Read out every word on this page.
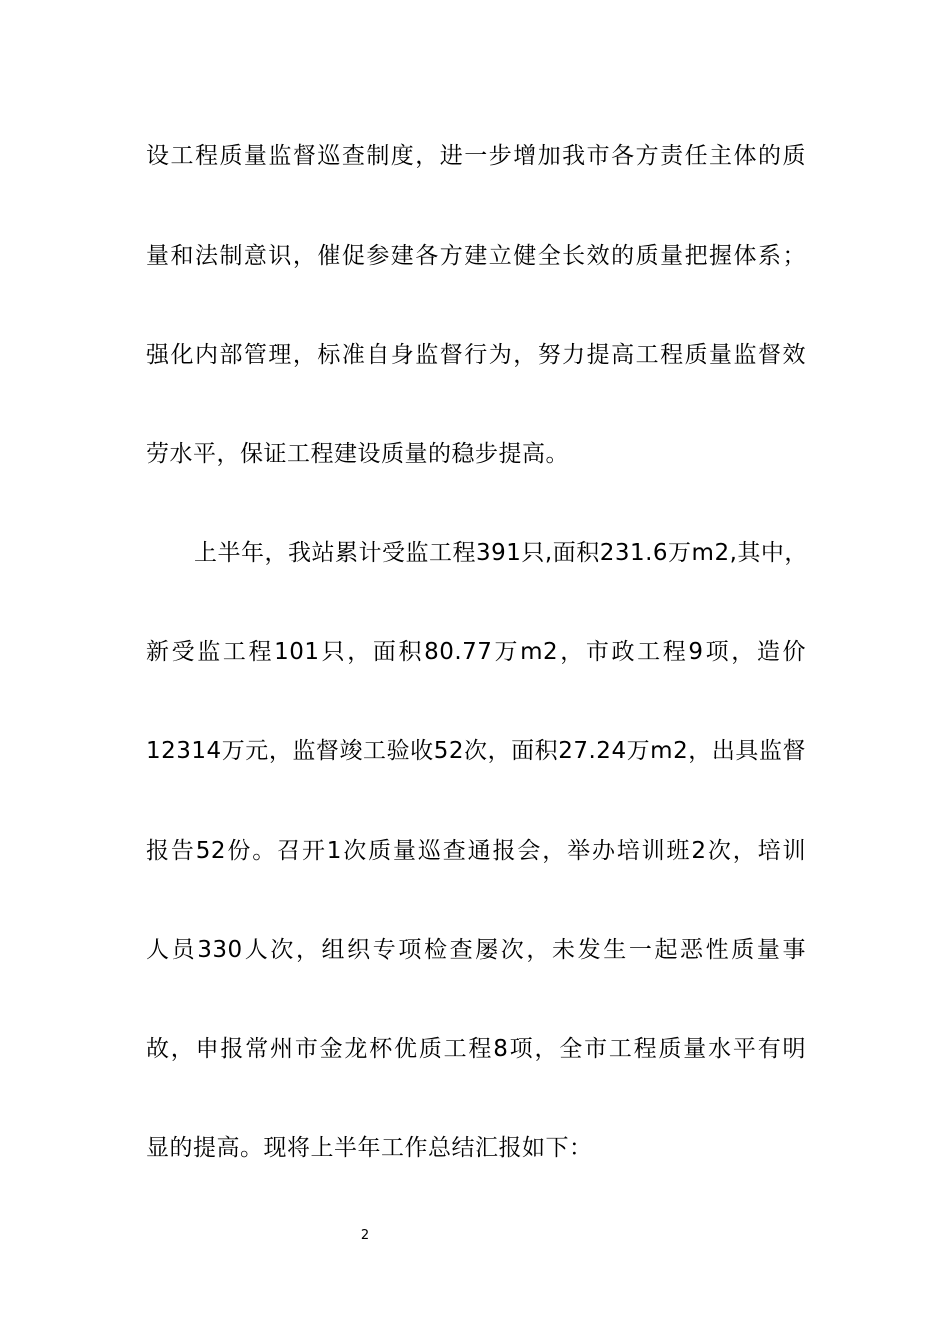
设工程质量监督巡查制度，进一步增加我市各方责任主体的质
量和法制意识，催促参建各方建立健全长效的质量把握体系；
强化内部管理，标准自身监督行为，努力提高工程质量监督效
劳水平，保证工程建设质量的稳步提高。
上半年，我站累计受监工程391只,面积231.6万m2,其中，
新受监工程101只，面积80.77万m2，市政工程9项，造价
12314万元，监督竣工验收52次，面积27.24万m2，出具监督
报告52份。召开1次质量巡查通报会，举办培训班2次，培训
人员330人次，组织专项检查屡次，未发生一起恶性质量事
故，申报常州市金龙杯优质工程8项，全市工程质量水平有明
显的提高。现将上半年工作总结汇报如下：
2
